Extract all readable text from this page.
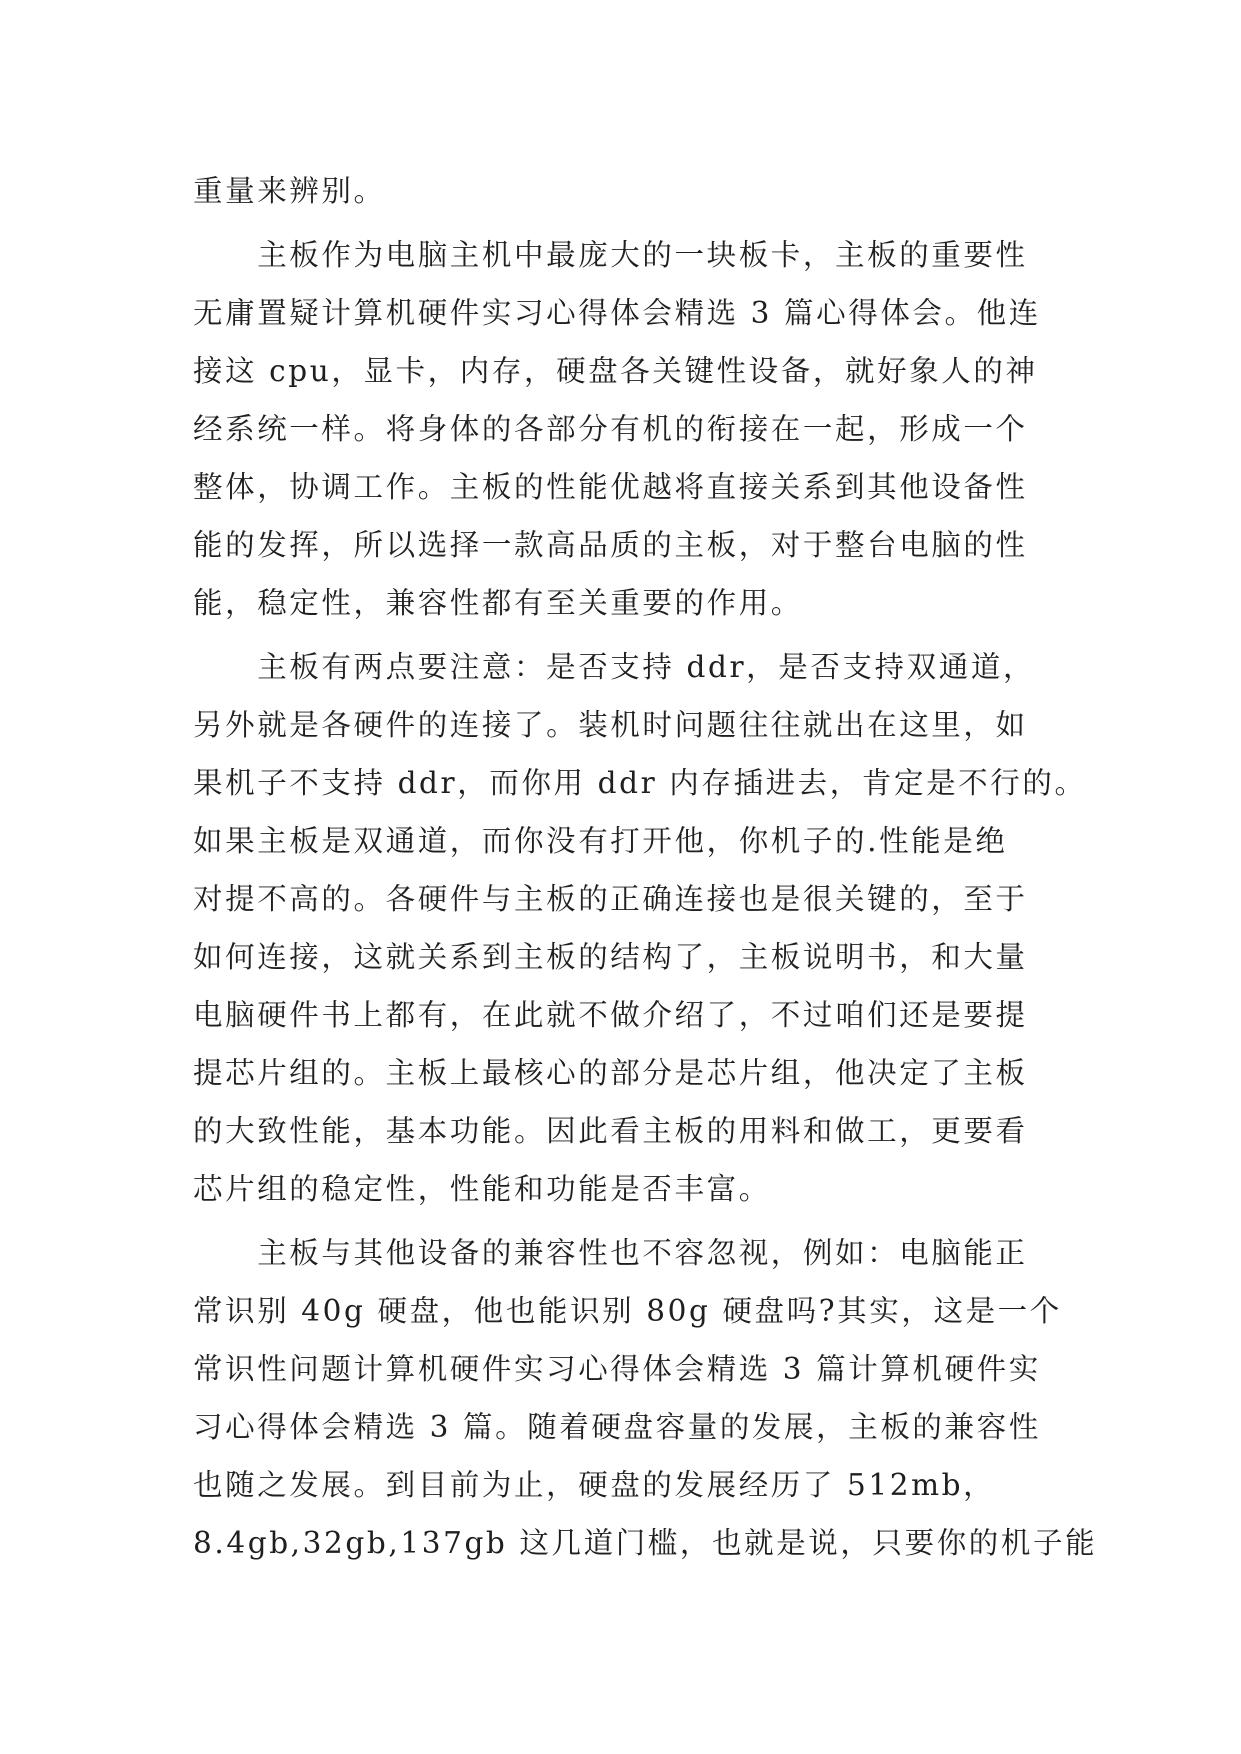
重量来辨别。
　　主板作为电脑主机中最庞大的一块板卡，主板的重要性
无庸置疑计算机硬件实习心得体会精选 3 篇心得体会。他连
接这 cpu，显卡，内存，硬盘各关键性设备，就好象人的神
经系统一样。将身体的各部分有机的衔接在一起，形成一个
整体，协调工作。主板的性能优越将直接关系到其他设备性
能的发挥，所以选择一款高品质的主板，对于整台电脑的性
能，稳定性，兼容性都有至关重要的作用。
　　主板有两点要注意：是否支持 ddr，是否支持双通道，
另外就是各硬件的连接了。装机时问题往往就出在这里，如
果机子不支持 ddr，而你用 ddr 内存插进去，肯定是不行的。
如果主板是双通道，而你没有打开他，你机子的.性能是绝
对提不高的。各硬件与主板的正确连接也是很关键的，至于
如何连接，这就关系到主板的结构了，主板说明书，和大量
电脑硬件书上都有，在此就不做介绍了，不过咱们还是要提
提芯片组的。主板上最核心的部分是芯片组，他决定了主板
的大致性能，基本功能。因此看主板的用料和做工，更要看
芯片组的稳定性，性能和功能是否丰富。
　　主板与其他设备的兼容性也不容忽视，例如：电脑能正
常识别 40g 硬盘，他也能识别 80g 硬盘吗?其实，这是一个
常识性问题计算机硬件实习心得体会精选 3 篇计算机硬件实
习心得体会精选 3 篇。随着硬盘容量的发展，主板的兼容性
也随之发展。到目前为止，硬盘的发展经历了 512mb，
8.4gb,32gb,137gb 这几道门槛，也就是说，只要你的机子能
